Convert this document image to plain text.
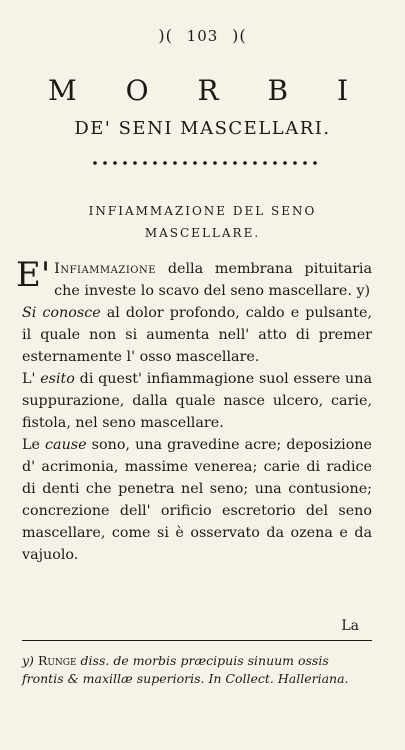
)( 103 )(
M O R B I
DE' SENI MASCELLARI.
INFIAMMAZIONE DEL SENO
MASCELLARE.

E' Infiammazione della membrana pituitaria che investe lo scavo del seno mascellare. y)

Si conosce al dolor profondo, caldo e pulsante, il quale non si aumenta nell' atto di premer esternamente l' osso mascellare.

L' esito di quest' infiammagione suol essere una suppurazione, dalla quale nasce ulcero, carie, fistola, nel seno mascellare.

Le cause sono, una gravedine acre; deposizione d' acrimonia, massime venerea; carie di radice di denti che penetra nel seno; una contusione; concrezione dell' orificio escretorio del seno mascellare, come si è osservato da ozena e da vajuolo.

La
y) Runge diss. de morbis præcipuis sinuum ossis frontis & maxillæ superioris. In Collect. Halleriana.
